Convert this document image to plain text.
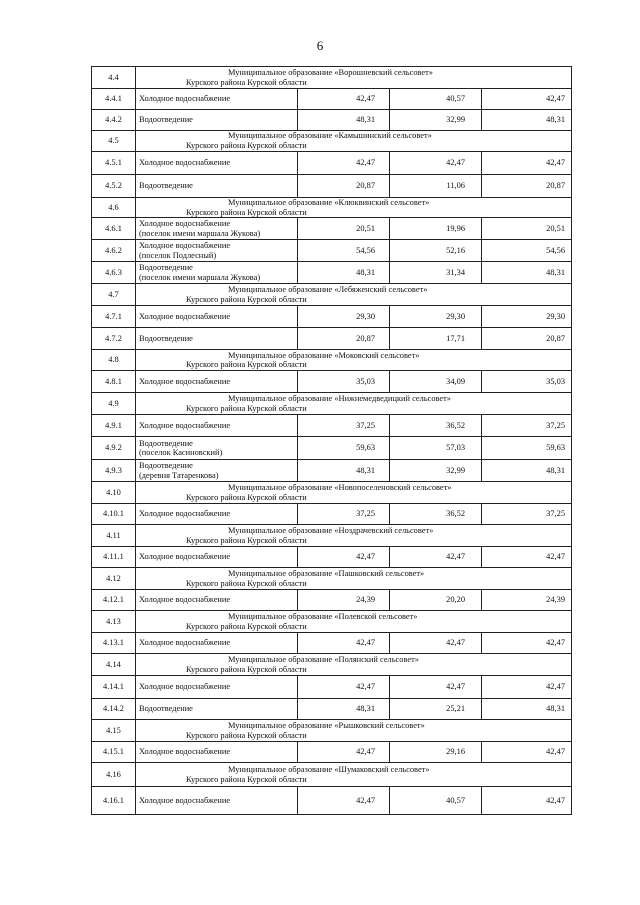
6
4.4	Муниципальное образование «Ворошневский сельсовет»
Курского района Курской области			

4.4.1	Холодное водоснабжение	42,47	40,57	42,47
4.4.2	Водоотведение	48,31	32,99	48,31
4.5	Муниципальное образование «Камышинский сельсовет»
Курского района Курской области			

4.5.1	Холодное водоснабжение	42,47	42,47	42,47
4.5.2	Водоотведение	20,87	11,06	20,87
4.6	Муниципальное образование «Клюквинский сельсовет»
Курского района Курской области			

4.6.1	Холодное водоснабжение
(поселок имени маршала Жукова)	20,51	19,96	20,51
4.6.2	Холодное водоснабжение
(поселок Подлесный)	54,56	52,16	54,56
4.6.3	Водоотведение
(поселок имени маршала Жукова)	48,31	31,34	48,31
4.7	Муниципальное образование «Лебяженский сельсовет»
Курского района Курской области			

4.7.1	Холодное водоснабжение	29,30	29,30	29,30
4.7.2	Водоотведение	20,87	17,71	20,87
4.8	Муниципальное образование «Моковский сельсовет»
Курского района Курской области			

4.8.1	Холодное водоснабжение	35,03	34,09	35,03
4.9	Муниципальное образование «Нижнемедведицкий сельсовет»
Курского района Курской области			

4.9.1	Холодное водоснабжение	37,25	36,52	37,25
4.9.2	Водоотведение
(поселок Касиновский)	59,63	57,03	59,63
4.9.3	Водоотведение
(деревня Татаренкова)	48,31	32,99	48,31
4.10	Муниципальное образование «Новопоселеновский сельсовет»
Курского района Курской области			

4.10.1	Холодное водоснабжение	37,25	36,52	37,25
4.11	Муниципальное образование «Ноздрачевский сельсовет»
Курского района Курской области			

4.11.1	Холодное водоснабжение	42,47	42,47	42,47
4.12	Муниципальное образование «Пашковский сельсовет»
Курского района Курской области			

4.12.1	Холодное водоснабжение	24,39	20,20	24,39
4.13	Муниципальное образование «Полевской сельсовет»
Курского района Курской области			

4.13.1	Холодное водоснабжение	42,47	42,47	42,47
4.14	Муниципальное образование «Полянский сельсовет»
Курского района Курской области			

4.14.1	Холодное водоснабжение	42,47	42,47	42,47
4.14.2	Водоотведение	48,31	25,21	48,31
4.15	Муниципальное образование «Рышковский сельсовет»
Курского района Курской области			

4.15.1	Холодное водоснабжение	42,47	29,16	42,47
4.16	Муниципальное образование «Шумаковский сельсовет»
Курского района Курской области			

4.16.1	Холодное водоснабжение	42,47	40,57	42,47
